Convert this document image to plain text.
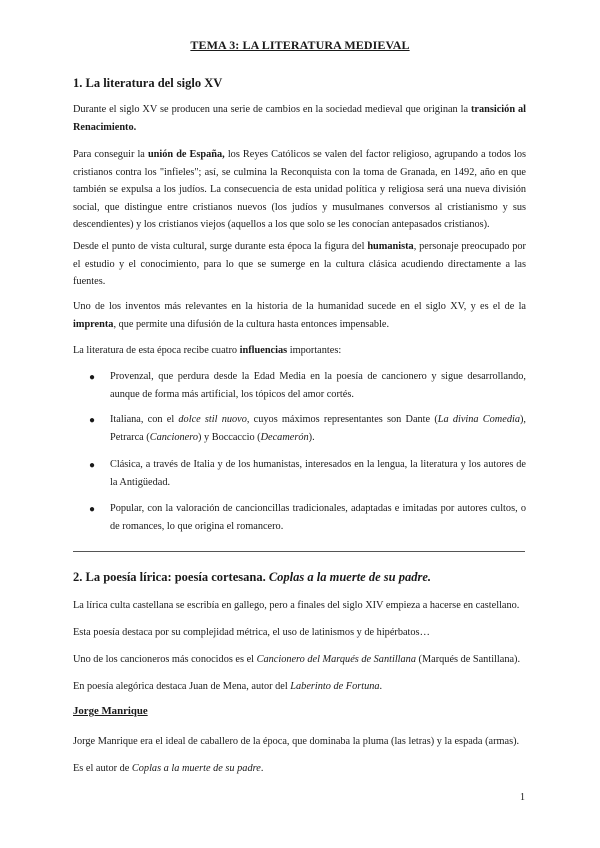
TEMA 3: LA LITERATURA MEDIEVAL
1. La literatura del siglo XV
Durante el siglo XV se producen una serie de cambios en la sociedad medieval que originan la transición al Renacimiento.
Para conseguir la unión de España, los Reyes Católicos se valen del factor religioso, agrupando a todos los cristianos contra los "infieles"; así, se culmina la Reconquista con la toma de Granada, en 1492, año en que también se expulsa a los judíos. La consecuencia de esta unidad política y religiosa será una nueva división social, que distingue entre cristianos nuevos (los judíos y musulmanes conversos al cristianismo y sus descendientes) y los cristianos viejos (aquellos a los que solo se les conocían antepasados cristianos).
Desde el punto de vista cultural, surge durante esta época la figura del humanista, personaje preocupado por el estudio y el conocimiento, para lo que se sumerge en la cultura clásica acudiendo directamente a las fuentes.
Uno de los inventos más relevantes en la historia de la humanidad sucede en el siglo XV, y es el de la imprenta, que permite una difusión de la cultura hasta entonces impensable.
La literatura de esta época recibe cuatro influencias importantes:
● Provenzal, que perdura desde la Edad Media en la poesía de cancionero y sigue desarrollando, aunque de forma más artificial, los tópicos del amor cortés.
● Italiana, con el dolce stil nuovo, cuyos máximos representantes son Dante (La divina Comedia), Petrarca (Cancionero) y Boccaccio (Decamerón).
● Clásica, a través de Italia y de los humanistas, interesados en la lengua, la literatura y los autores de la Antigüedad.
● Popular, con la valoración de cancioncillas tradicionales, adaptadas e imitadas por autores cultos, o de romances, lo que origina el romancero.
2. La poesía lírica: poesía cortesana. Coplas a la muerte de su padre.
La lírica culta castellana se escribía en gallego, pero a finales del siglo XIV empieza a hacerse en castellano.
Esta poesía destaca por su complejidad métrica, el uso de latinismos y de hipérbatos…
Uno de los cancioneros más conocidos es el Cancionero del Marqués de Santillana (Marqués de Santillana).
En poesía alegórica destaca Juan de Mena, autor del Laberinto de Fortuna.
Jorge Manrique
Jorge Manrique era el ideal de caballero de la época, que dominaba la pluma (las letras) y la espada (armas).
Es el autor de Coplas a la muerte de su padre.
1
